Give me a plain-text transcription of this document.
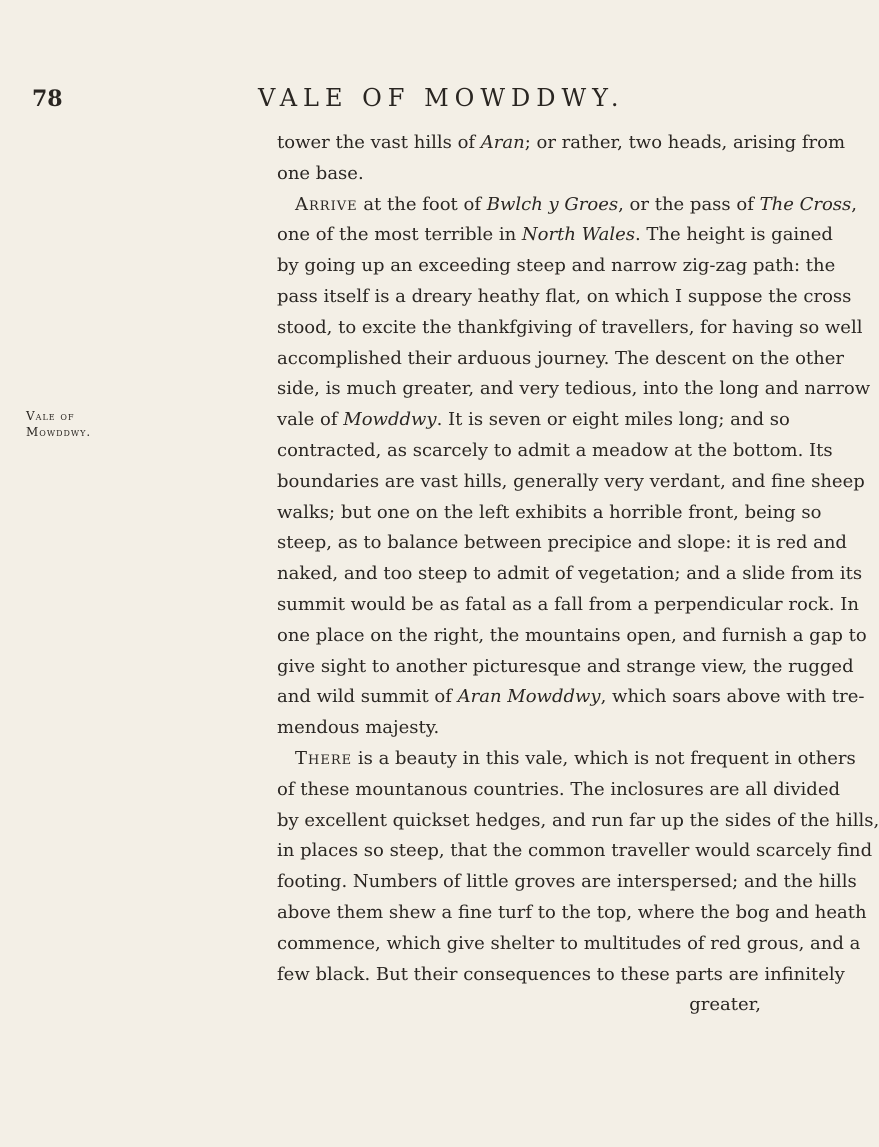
78	VALE OF MOWDDWY.
Vale of
Mowddwy.
tower the vast hills of Aran; or rather, two heads, arising from
one base.
Arrive at the foot of Bwlch y Groes, or the pass of The Cross,
one of the most terrible in North Wales. The height is gained
by going up an exceeding steep and narrow zig-zag path: the
pass itself is a dreary heathy flat, on which I suppose the cross
stood, to excite the thankfgiving of travellers, for having so well
accomplished their arduous journey. The descent on the other
side, is much greater, and very tedious, into the long and narrow
vale of Mowddwy. It is seven or eight miles long; and so
contracted, as scarcely to admit a meadow at the bottom. Its
boundaries are vast hills, generally very verdant, and fine sheep
walks; but one on the left exhibits a horrible front, being so
steep, as to balance between precipice and slope: it is red and
naked, and too steep to admit of vegetation; and a slide from its
summit would be as fatal as a fall from a perpendicular rock. In
one place on the right, the mountains open, and furnish a gap to
give sight to another picturesque and strange view, the rugged
and wild summit of Aran Mowddwy, which soars above with tre-
mendous majesty.
There is a beauty in this vale, which is not frequent in others
of these mountanous countries. The inclosures are all divided
by excellent quickset hedges, and run far up the sides of the hills,
in places so steep, that the common traveller would scarcely find
footing. Numbers of little groves are interspersed; and the hills
above them shew a fine turf to the top, where the bog and heath
commence, which give shelter to multitudes of red grous, and a
few black. But their consequences to these parts are infinitely
greater,
